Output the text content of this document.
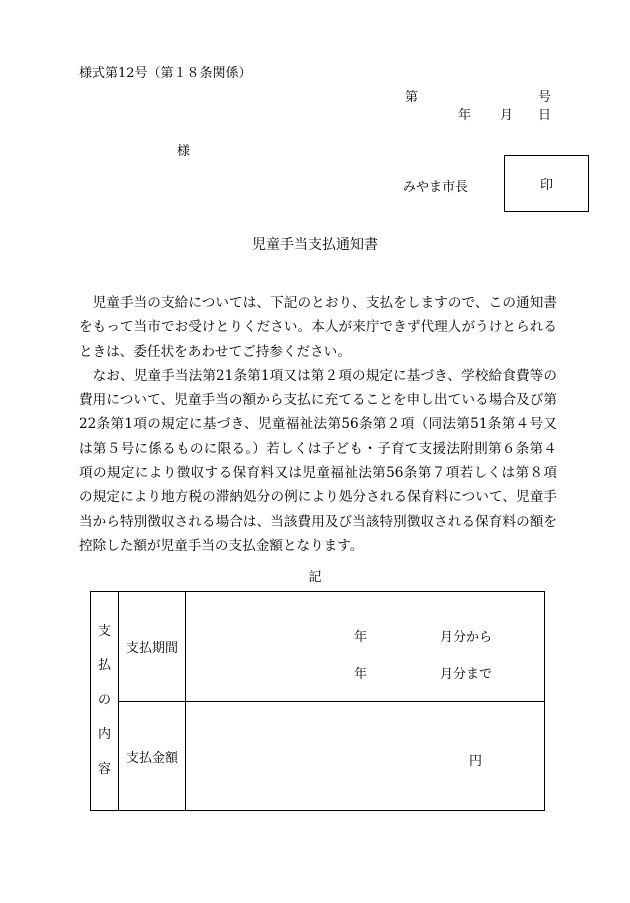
様式第12号（第１８条関係）
第	号
年 月 日
様
みやま市長	印
児童手当支払通知書

児童手当の支給については、下記のとおり、支払をしますので、この通知書をもって当市でお受けとりください。本人が来庁できず代理人がうけとられるときは、委任状をあわせてご持参ください。

なお、児童手当法第21条第1項又は第２項の規定に基づき、学校給食費等の費用について、児童手当の額から支払に充てることを申し出ている場合及び第22条第1項の規定に基づき、児童福祉法第56条第２項（同法第51条第４号又は第５号に係るものに限る。）若しくは子ども・子育て支援法附則第６条第４項の規定により徴収する保育料又は児童福祉法第56条第７項若しくは第８項の規定により地方税の滞納処分の例により処分される保育料について、児童手当から特別徴収される場合は、当該費用及び当該特別徴収される保育料の額を控除した額が児童手当の支払金額となります。

記
支
払
の
内
容	支払期間	年 月分から
年 月分まで

	支払金額	円
